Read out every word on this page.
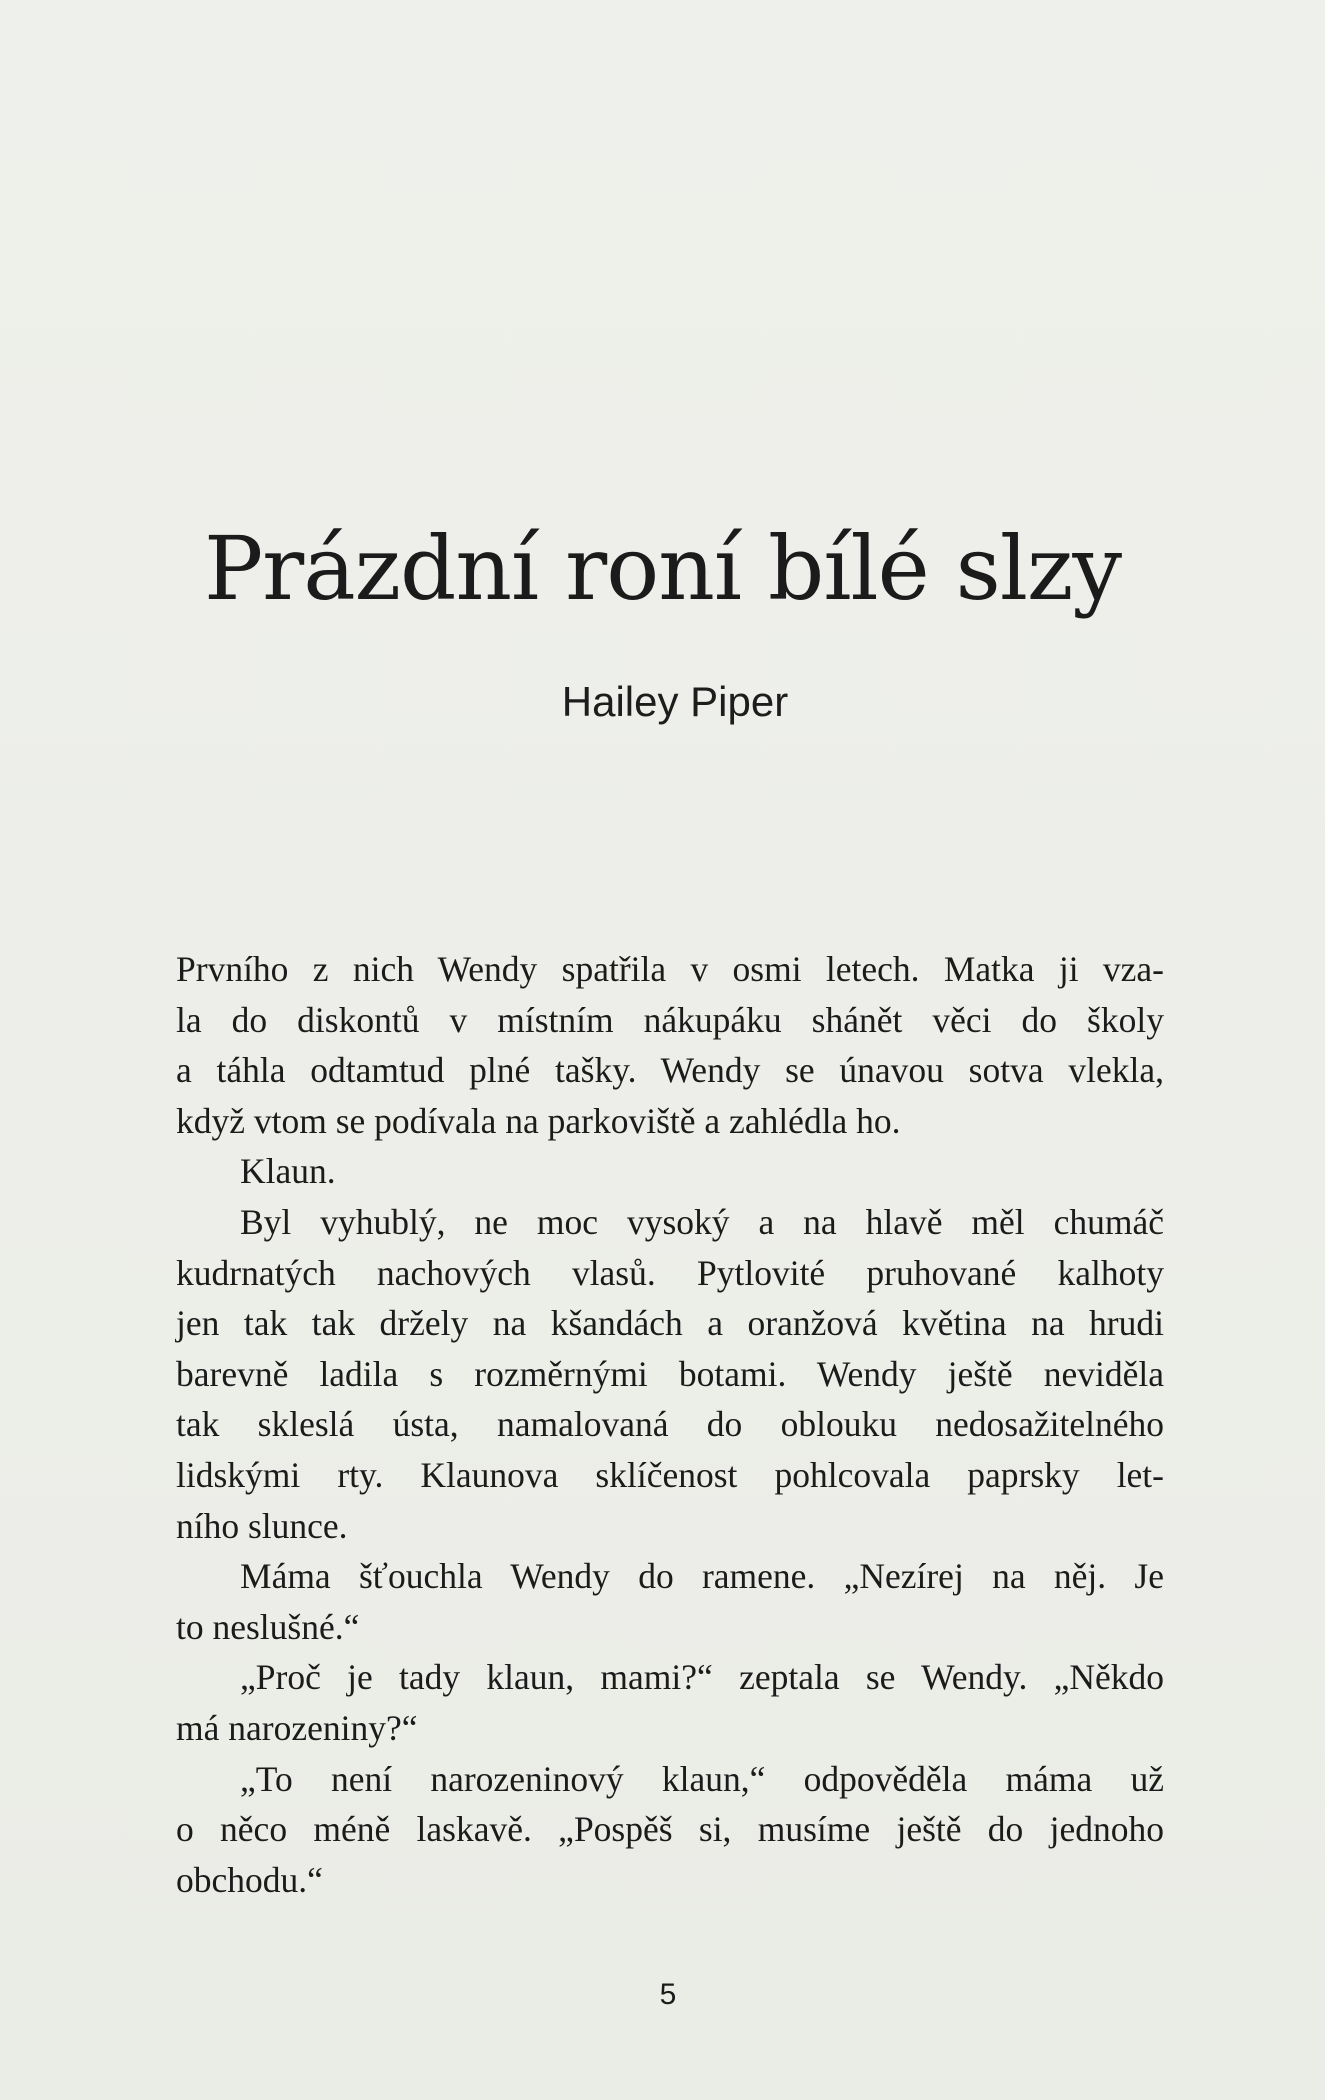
Prázdní roní bílé slzy
Hailey Piper
Prvního z nich Wendy spatřila v osmi letech. Matka ji vza-
la do diskontů v místním nákupáku shánět věci do školy
a táhla odtamtud plné tašky. Wendy se únavou sotva vlekla,
když vtom se podívala na parkoviště a zahlédla ho.
Klaun.
Byl vyhublý, ne moc vysoký a na hlavě měl chumáč
kudrnatých nachových vlasů. Pytlovité pruhované kalhoty
jen tak tak držely na kšandách a oranžová květina na hrudi
barevně ladila s rozměrnými botami. Wendy ještě neviděla
tak skleslá ústa, namalovaná do oblouku nedosažitelného
lidskými rty. Klaunova sklíčenost pohlcovala paprsky let-
ního slunce.
Máma šťouchla Wendy do ramene. „Nezírej na něj. Je
to neslušné.“
„Proč je tady klaun, mami?“ zeptala se Wendy. „Někdo
má narozeniny?“
„To není narozeninový klaun,“ odpověděla máma už
o něco méně laskavě. „Pospěš si, musíme ještě do jednoho
obchodu.“
5
